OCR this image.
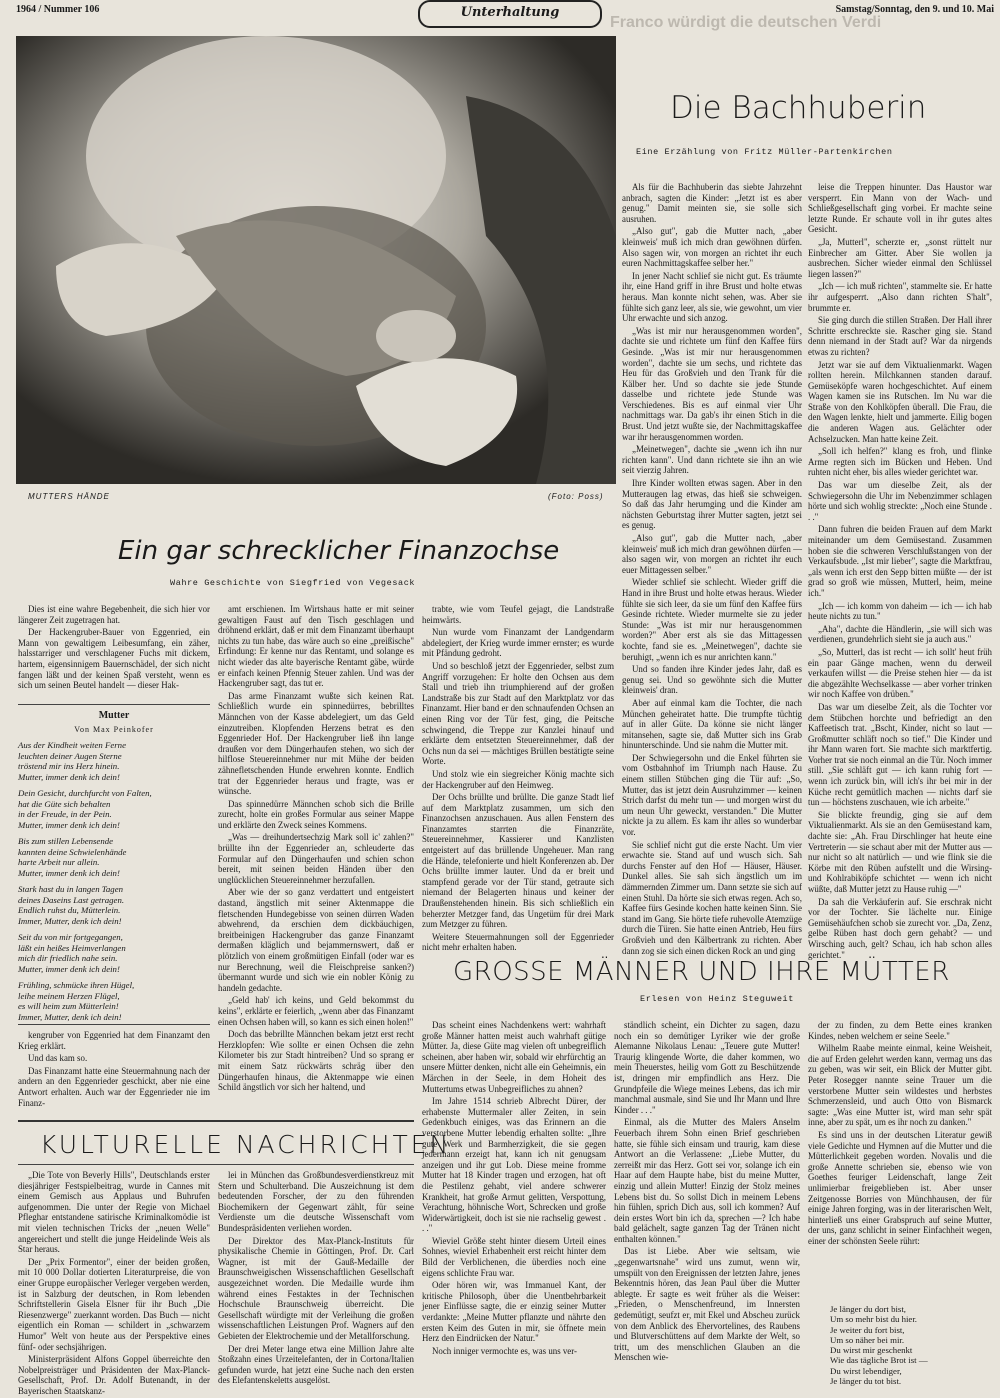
1964 / Nummer 106	Unterhaltung	Samstag/Sonntag, den 9. und 10. Mai
Franco würdigt die deutschen Verdi
MUTTERS HÄNDE	(Foto: Poss)
Die Bachhuberin
Eine Erzählung von Fritz Müller-Partenkirchen

Als für die Bachhuberin das siebte Jahrzehnt anbrach, sagten die Kinder: „Jetzt ist es aber genug." Damit meinten sie, sie solle sich ausruhen.

„Also gut", gab die Mutter nach, „aber kleinweis' muß ich mich dran gewöhnen dürfen. Also sagen wir, von morgen an richtet ihr euch euren Nachmittagskaffee selber her."

In jener Nacht schlief sie nicht gut. Es träumte ihr, eine Hand griff in ihre Brust und holte etwas heraus. Man konnte nicht sehen, was. Aber sie fühlte sich ganz leer, als sie, wie gewohnt, um vier Uhr erwachte und sich anzog.

„Was ist mir nur herausgenommen worden", dachte sie und richtete um fünf den Kaffee fürs Gesinde. „Was ist mir nur herausgenommen worden", dachte sie um sechs, und richtete das Heu für das Großvieh und den Trank für die Kälber her. Und so dachte sie jede Stunde dasselbe und richtete jede Stunde was Verschiedenes. Bis es auf einmal vier Uhr nachmittags war. Da gab's ihr einen Stich in die Brust. Und jetzt wußte sie, der Nachmittagskaffee war ihr herausgenommen worden.

„Meinetwegen", dachte sie „wenn ich ihn nur richten kann". Und dann richtete sie ihn an wie seit vierzig Jahren.

Ihre Kinder wollten etwas sagen. Aber in den Mutteraugen lag etwas, das hieß sie schweigen. So daß das Jahr herumging und die Kinder am nächsten Geburtstag ihrer Mutter sagten, jetzt sei es genug.

„Also gut", gab die Mutter nach, „aber kleinweis' muß ich mich dran gewöhnen dürfen — also sagen wir, von morgen an richtet ihr euch euer Mittagessen selber."

Wieder schlief sie schlecht. Wieder griff die Hand in ihre Brust und holte etwas heraus. Wieder fühlte sie sich leer, da sie um fünf den Kaffee fürs Gesinde richtete. Wieder murmelte sie zu jeder Stunde: „Was ist mir nur herausgenommen worden?" Aber erst als sie das Mittagessen kochte, fand sie es. „Meinetwegen", dachte sie beruhigt, „wenn ich es nur anrichten kann."

Und so fanden ihre Kinder jedes Jahr, daß es genug sei. Und so gewöhnte sich die Mutter kleinweis' dran.

Aber auf einmal kam die Tochter, die nach München geheiratet hatte. Die trumpfte tüchtig auf in aller Güte. Da könne sie nicht länger mitansehen, sagte sie, daß Mutter sich ins Grab hinunterschinde. Und sie nahm die Mutter mit.

Der Schwiegersohn und die Enkel führten sie vom Ostbahnhof im Triumph nach Hause. Zu einem stillen Stübchen ging die Tür auf: „So, Mutter, das ist jetzt dein Ausruhzimmer — keinen Strich darfst du mehr tun — und morgen wirst du um neun Uhr geweckt, verstanden." Die Mutter nickte ja zu allem. Es kam ihr alles so wunderbar vor.

Sie schlief nicht gut die erste Nacht. Um vier erwachte sie. Stand auf und wusch sich. Sah durchs Fenster auf den Hof — Häuser, Häuser. Dunkel alles. Sie sah sich ängstlich um im dämmernden Zimmer um. Dann setzte sie sich auf einen Stuhl. Da hörte sie sich etwas regen. Ach so, Kaffee fürs Gesinde kochen hatte keinen Sinn. Sie stand im Gang. Sie hörte tiefe ruhevolle Atemzüge durch die Türen. Sie hatte einen Antrieb, Heu fürs Großvieh und den Kälbertrank zu richten. Aber dann zog sie sich einen dicken Rock an und ging

leise die Treppen hinunter. Das Haustor war versperrt. Ein Mann von der Wach- und Schließgesellschaft ging vorbei. Er machte seine letzte Runde. Er schaute voll in ihr gutes altes Gesicht.

„Ja, Mutterl", scherzte er, „sonst rüttelt nur Einbrecher am Gitter. Aber Sie wollen ja ausbrechen. Sicher wieder einmal den Schlüssel liegen lassen?"

„Ich — ich muß richten", stammelte sie. Er hatte ihr aufgesperrt. „Also dann richten S'halt", brummte er.

Sie ging durch die stillen Straßen. Der Hall ihrer Schritte erschreckte sie. Rascher ging sie. Stand denn niemand in der Stadt auf? War da nirgends etwas zu richten?

Jetzt war sie auf dem Viktualienmarkt. Wagen rollten herein. Milchkannen standen darauf. Gemüseköpfe waren hochgeschichtet. Auf einem Wagen kamen sie ins Rutschen. Im Nu war die Straße von den Kohlköpfen überall. Die Frau, die den Wagen lenkte, hielt und jammerte. Eilig bogen die anderen Wagen aus. Gelächter oder Achselzucken. Man hatte keine Zeit.

„Soll ich helfen?" klang es froh, und flinke Arme regten sich im Bücken und Heben. Und ruhten nicht eher, bis alles wieder gerichtet war.

Das war um dieselbe Zeit, als der Schwiegersohn die Uhr im Nebenzimmer schlagen hörte und sich wohlig streckte: „Noch eine Stunde . . ."

Dann fuhren die beiden Frauen auf dem Markt miteinander um dem Gemüsestand. Zusammen hoben sie die schweren Verschlußstangen von der Verkaufsbude. „Ist mir lieber", sagte die Marktfrau, „als wenn ich erst den Sepp bitten müßte — der ist grad so groß wie müssen, Mutterl, heim, meine ich."

„Ich — ich komm von daheim — ich — ich hab heute nichts zu tun."

„Aha", dachte die Händlerin, „sie will sich was verdienen, grundehrlich sieht sie ja auch aus."

„So, Mutterl, das ist recht — ich sollt' heut früh ein paar Gänge machen, wenn du derweil verkaufen willst — die Preise stehen hier — da ist die abgezählte Wechselkasse — aber vorher trinken wir noch Kaffee von drüben."

Das war um dieselbe Zeit, als die Tochter vor dem Stübchen horchte und befriedigt an den Kaffeetisch trat. „Bscht, Kinder, nicht so laut — Großmutter schläft noch so tief." Die Kinder und ihr Mann waren fort. Sie machte sich marktfertig. Vorher trat sie noch einmal an die Tür. Noch immer still. „Sie schläft gut — ich kann ruhig fort — wenn ich zurück bin, will ich's ihr bei mir in der Küche recht gemütlich machen — nichts darf sie tun — höchstens zuschauen, wie ich arbeite."

Sie blickte freundig, ging sie auf dem Viktualienmarkt. Als sie an den Gemüsestand kam, dachte sie: „Ah. Frau Dirschlinger hat heute eine Vertreterin — sie schaut aber mit der Mutter aus — nur nicht so alt natürlich — und wie flink sie die Körbe mit den Rüben aufstellt und die Wirsing- und Kohlrabiköpfe schichtet — wenn ich nicht wüßte, daß Mutter jetzt zu Hause ruhig —"

Da sah die Verkäuferin auf. Sie erschrak nicht vor der Tochter. Sie lächelte nur. Einige Gemüsehäufchen schob sie zurecht vor. „Da, Zenz, gelbe Rüben hast doch gern gehabt? — und Wirsching auch, gelt? Schau, ich hab schon alles gerichtet."

Ein gar schrecklicher Finanzochse
Wahre Geschichte von Siegfried von Vegesack

Dies ist eine wahre Begebenheit, die sich hier vor längerer Zeit zugetragen hat.

Der Hackengruber-Bauer von Eggenried, ein Mann von gewaltigem Leibesumfang, ein zäher, halsstarriger und verschlagener Fuchs mit dickem, hartem, eigensinnigem Bauernschädel, der sich nicht fangen läßt und der keinen Spaß versteht, wenn es sich um seinen Beutel handelt — dieser Hak-

Mutter
Von Max Peinkofer
Aus der Kindheit weiten Ferne
leuchten deiner Augen Sterne
tröstend mir ins Herz hinein.
Mutter, immer denk ich dein!
Dein Gesicht, durchfurcht von Falten,
hat die Güte sich behalten
in der Freude, in der Pein.
Mutter, immer denk ich dein!
Bis zum stillen Lebensende
kannten deine Schwielenhände
harte Arbeit nur allein.
Mutter, immer denk ich dein!
Stark hast du in langen Tagen
deines Daseins Last getragen.
Endlich ruhst du, Mütterlein.
Immer, Mutter, denk ich dein!
Seit du von mir fortgegangen,
läßt ein heißes Heimverlangen
mich dir friedlich nahe sein.
Mutter, immer denk ich dein!
Frühling, schmücke ihren Hügel,
leihe meinem Herzen Flügel,
es will heim zum Mütterlein!
Immer, Mutter, denk ich dein!

kengruber von Eggenried hat dem Finanzamt den Krieg erklärt.

Und das kam so.

Das Finanzamt hatte eine Steuermahnung nach der andern an den Eggenrieder geschickt, aber nie eine Antwort erhalten. Auch war der Eggenrieder nie im Finanz-

amt erschienen. Im Wirtshaus hatte er mit seiner gewaltigen Faust auf den Tisch geschlagen und dröhnend erklärt, daß er mit dem Finanzamt überhaupt nichts zu tun habe, das wäre auch so eine „preißische" Erfindung: Er kenne nur das Rentamt, und solange es nicht wieder das alte bayerische Rentamt gäbe, würde er einfach keinen Pfennig Steuer zahlen. Und was der Hackengruber sagt, das tut er.

Das arme Finanzamt wußte sich keinen Rat. Schließlich wurde ein spinnedürres, bebrilltes Männchen von der Kasse abdelegiert, um das Geld einzutreiben. Klopfenden Herzens betrat es den Eggenrieder Hof. Der Hackengruber ließ ihn lange draußen vor dem Düngerhaufen stehen, wo sich der hilflose Steuereinnehmer nur mit Mühe der beiden zähnefletschenden Hunde erwehren konnte. Endlich trat der Eggenrieder heraus und fragte, was er wünsche.

Das spinnedürre Männchen schob sich die Brille zurecht, holte ein großes Formular aus seiner Mappe und erklärte den Zweck seines Kommens.

„Was — dreihundertsechzig Mark soll ic' zahlen?" brüllte ihn der Eggenrieder an, schleuderte das Formular auf den Düngerhaufen und schien schon bereit, mit seinen beiden Händen über den unglücklichen Steuereinnehmer herzufallen.

Aber wie der so ganz verdattert und entgeistert dastand, ängstlich mit seiner Aktenmappe die fletschenden Hundegebisse von seinen dürren Waden abwehrend, da erschien dem dickbäuchigen, breitbeinigen Hackengruber das ganze Finanzamt dermaßen kläglich und bejammernswert, daß er plötzlich von einem großmütigen Einfall (oder war es nur Berechnung, weil die Fleischpreise sanken?) übermannt wurde und sich wie ein nobler König zu handeln gedachte.

„Geld hab' ich keins, und Geld bekommst du keins", erklärte er feierlich, „wenn aber das Finanzamt einen Ochsen haben will, so kann es sich einen holen!"

Doch das bebrillte Männchen bekam jetzt erst recht Herzklopfen: Wie sollte er einen Ochsen die zehn Kilometer bis zur Stadt hintreiben? Und so sprang er mit einem Satz rückwärts schräg über den Düngerhaufen hinaus, die Aktenmappe wie einen Schild ängstlich vor sich her haltend, und

trabte, wie vom Teufel gejagt, die Landstraße heimwärts.

Nun wurde vom Finanzamt der Landgendarm abdelegiert, der Krieg wurde immer ernster; es wurde mit Pfändung gedroht.

Und so beschloß jetzt der Eggenrieder, selbst zum Angriff vorzugehen: Er holte den Ochsen aus dem Stall und trieb ihn triumphierend auf der großen Landstraße bis zur Stadt auf den Marktplatz vor das Finanzamt. Hier band er den schnaufenden Ochsen an einen Ring vor der Tür fest, ging, die Peitsche schwingend, die Treppe zur Kanzlei hinauf und erklärte dem entsetzten Steuereinnehmer, daß der Ochs nun da sei — mächtiges Brüllen bestätigte seine Worte.

Und stolz wie ein siegreicher König machte sich der Hackengruber auf den Heimweg.

Der Ochs brüllte und brüllte. Die ganze Stadt lief auf dem Marktplatz zusammen, um sich den Finanzochsen anzuschauen. Aus allen Fenstern des Finanzamtes starrten die Finanzräte, Steuereinnehmer, Kassierer und Kanzlisten entgeistert auf das brüllende Ungeheuer. Man rang die Hände, telefonierte und hielt Konferenzen ab. Der Ochs brüllte immer lauter. Und da er breit und stampfend gerade vor der Tür stand, getraute sich niemand der Belagerten hinaus und keiner der Draußenstehenden hinein. Bis sich schließlich ein beherzter Metzger fand, das Ungetüm für drei Mark zum Metzger zu führen.

Weitere Steuermahnungen soll der Eggenrieder nicht mehr erhalten haben.

GROSSE MÄNNER UND IHRE MÜTTER
Erlesen von Heinz Steguweit

Das scheint eines Nachdenkens wert: wahrhaft große Männer hatten meist auch wahrhaft gütige Mütter. Ja, diese Güte mag vielen oft unbegreiflich scheinen, aber haben wir, sobald wir ehrfürchtig an unsere Mütter denken, nicht alle ein Geheimnis, ein Märchen in der Seele, in dem Hoheit des Muttertums etwas Unbegreifliches zu ahnen?

Im Jahre 1514 schrieb Albrecht Dürer, der erhabenste Muttermaler aller Zeiten, in sein Gedenkbuch einiges, was das Erinnern an die verstorbene Mutter lebendig erhalten sollte: „Ihre gute Werk und Barmherzigkeit, die sie gegen jedermann erzeigt hat, kann ich nit genugsam anzeigen und ihr gut Lob. Diese meine fromme Mutter hat 18 Kinder tragen und erzogen, hat oft die Pestilenz gehabt, viel andere schwerer Krankheit, hat große Armut gelitten, Verspottung, Verachtung, höhnische Wort, Schrecken und große Widerwärtigkeit, doch ist sie nie rachselig gewest . . ."

Wieviel Größe steht hinter diesem Urteil eines Sohnes, wieviel Erhabenheit erst reicht hinter dem Bild der Verblichenen, die überdies noch eine eigens schlichte Frau war.

Oder hören wir, was Immanuel Kant, der kritische Philosoph, über die Unentbehrbarkeit jener Einflüsse sagte, die er einzig seiner Mutter verdankte: „Meine Mutter pflanzte und nährte den ersten Keim des Guten in mir, sie öffnete mein Herz den Eindrücken der Natur."

Noch inniger vermochte es, was uns ver-

ständlich scheint, ein Dichter zu sagen, dazu noch ein so demütiger Lyriker wie der große Alemanne Nikolaus Lenau: „Teuere gute Mutter! Traurig klingende Worte, die daher kommen, wo mein Theuerstes, heilig vom Gott zu Beschützende ist, dringen mir empfindlich ans Herz. Die Grundpfeile die Wiege meines Lebens, das ich mir manchmal ausmale, sind Sie und Ihr Mann und Ihre Kinder . . ."

Einmal, als die Mutter des Malers Anselm Feuerbach ihrem Sohn einen Brief geschrieben hatte, sie fühle sich einsam und traurig, kam diese Antwort an die Verlassene: „Liebe Mutter, du zerreißt mir das Herz. Gott sei vor, solange ich ein Haar auf dem Haupte habe, bist du meine Mutter, einzig und allein Mutter! Einzig der Stolz meines Lebens bist du. So sollst Dich in meinem Lebens hin fühlen, sprich Dich aus, soll ich kommen? Auf dein erstes Wort bin ich da, sprechen —? Ich habe bald gelächelt, sagte ganzen Tag der Tränen nicht enthalten können."

Das ist Liebe. Aber wie seltsam, wie „gegenwartsnahe" wird uns zumut, wenn wir, umspült von den Ereignissen der letzten Jahre, jenes Bekenntnis hören, das Jean Paul über die Mutter ablegte. Er sagte es weit früher als die Weiser: „Frieden, o Menschenfreund, im Innersten gedemütigt, seufzt er, mit Ekel und Abscheu zurück von dem Anblick des Ehervortelines, des Raubens und Blutverschüttens auf dem Markte der Welt, so tritt, um des menschlichen Glauben an die Menschen wie-

der zu finden, zu dem Bette eines kranken Kindes, neben welchem er seine Seele."

Wilhelm Raabe meinte einmal, keine Weisheit, die auf Erden gelehrt werden kann, vermag uns das zu geben, was wir seit, ein Blick der Mutter gibt. Peter Rosegger nannte seine Trauer um die verstorbene Mutter sein wildestes und herbstes Schmerzensleid, und auch Otto von Bismarck sagte: „Was eine Mutter ist, wird man sehr spät inne, aber zu spät, um es ihr noch zu danken."

Es sind uns in der deutschen Literatur gewiß viele Gedichte und Hymnen auf die Mutter und die Mütterlichkeit gegeben worden. Novalis und die große Annette schrieben sie, ebenso wie von Goethes feuriger Leidenschaft, lange Zeit unlimierbar freigeblieben ist. Aber unser Zeitgenosse Borries von Münchhausen, der für einige Jahren forging, was in der literarischen Welt, hinterließ uns einer Grabspruch auf seine Mutter, der uns, ganz schlicht in seiner Einfachheit wegen, einer der schönsten Seele rührt:

Je länger du dort bist,
Um so mehr bist du hier.
Je weiter du fort bist,
Um so näher bei mir.
Du wirst mir geschenkt
Wie das tägliche Brot ist —
Du wirst lebendiger,
Je länger du tot bist.
KULTURELLE NACHRICHTEN

„Die Tote von Beverly Hills", Deutschlands erster diesjähriger Festspielbeitrag, wurde in Cannes mit einem Gemisch aus Applaus und Buhrufen aufgenommen. Die unter der Regie von Michael Pfleghar entstandene satirische Kriminalkomödie ist mit vielen technischen Tricks der „neuen Welle" angereichert und stellt die junge Heidelinde Weis als Star heraus.

Der „Prix Formentor", einer der beiden großen, mit 10 000 Dollar dotierten Literaturpreise, die von einer Gruppe europäischer Verleger vergeben werden, ist in Salzburg der deutschen, in Rom lebenden Schriftstellerin Gisela Elsner für ihr Buch „Die Riesenzwerge" zuerkannt worden. Das Buch — nicht eigentlich ein Roman — schildert in „schwarzem Humor" Welt von heute aus der Perspektive eines fünf- oder sechsjährigen.

Ministerpräsident Alfons Goppel überreichte den Nobelpreisträger und Präsidenten der Max-Planck-Gesellschaft, Prof. Dr. Adolf Butenandt, in der Bayerischen Staatskanz-

lei in München das Großbundesverdienstkreuz mit Stern und Schulterband. Die Auszeichnung ist dem bedeutenden Forscher, der zu den führenden Biochemikern der Gegenwart zählt, für seine Verdienste um die deutsche Wissenschaft vom Bundespräsidenten verliehen worden.

Der Direktor des Max-Planck-Instituts für physikalische Chemie in Göttingen, Prof. Dr. Carl Wagner, ist mit der Gauß-Medaille der Braunschweigischen Wissenschaftlichen Gesellschaft ausgezeichnet worden. Die Medaille wurde ihm während eines Festaktes in der Technischen Hochschule Braunschweig überreicht. Die Gesellschaft würdigte mit der Verleihung die großen wissenschaftlichen Leistungen Prof. Wagners auf den Gebieten der Elektrochemie und der Metallforschung.

Der drei Meter lange etwa eine Million Jahre alte Stoßzahn eines Urzeitelefanten, der in Cortona/Italien gefunden wurde, hat jetzt eine Suche nach den ersten des Elefantenskeletts ausgelöst.
